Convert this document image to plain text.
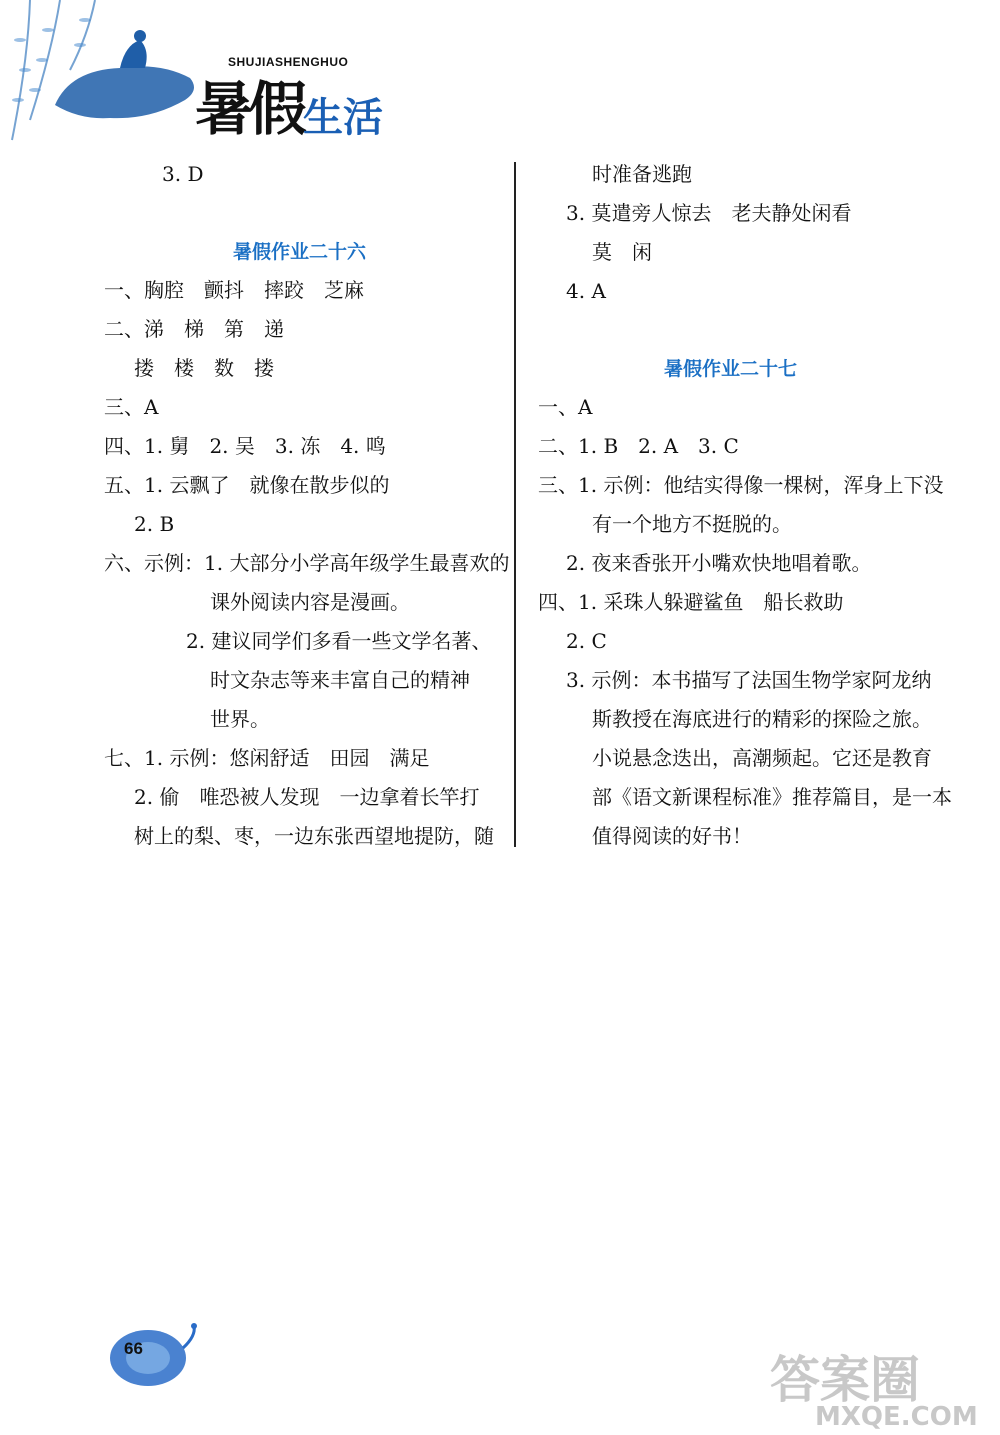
SHUJIASHENGHUO
暑假生活
3. D
暑假作业二十六
一、胸腔　颤抖　摔跤　芝麻
二、涕　梯　第　递
搂　楼　数　搂
三、A
四、1. 舅　2. 吴　3. 冻　4. 鸣
五、1. 云飘了　就像在散步似的
2. B
六、示例：1. 大部分小学高年级学生最喜欢的
课外阅读内容是漫画。
2. 建议同学们多看一些文学名著、
时文杂志等来丰富自己的精神
世界。
七、1. 示例：悠闲舒适　田园　满足
2. 偷　唯恐被人发现　一边拿着长竿打
树上的梨、枣，一边东张西望地提防，随
时准备逃跑
3. 莫遣旁人惊去　老夫静处闲看
莫　闲
4. A
暑假作业二十七
一、A
二、1. B　2. A　3. C
三、1. 示例：他结实得像一棵树，浑身上下没
有一个地方不挺脱的。
2. 夜来香张开小嘴欢快地唱着歌。
四、1. 采珠人躲避鲨鱼　船长救助
2. C
3. 示例：本书描写了法国生物学家阿龙纳
斯教授在海底进行的精彩的探险之旅。
小说悬念迭出，高潮频起。它还是教育
部《语文新课程标准》推荐篇目，是一本
值得阅读的好书！
66
答案圈
MXQE.COM
